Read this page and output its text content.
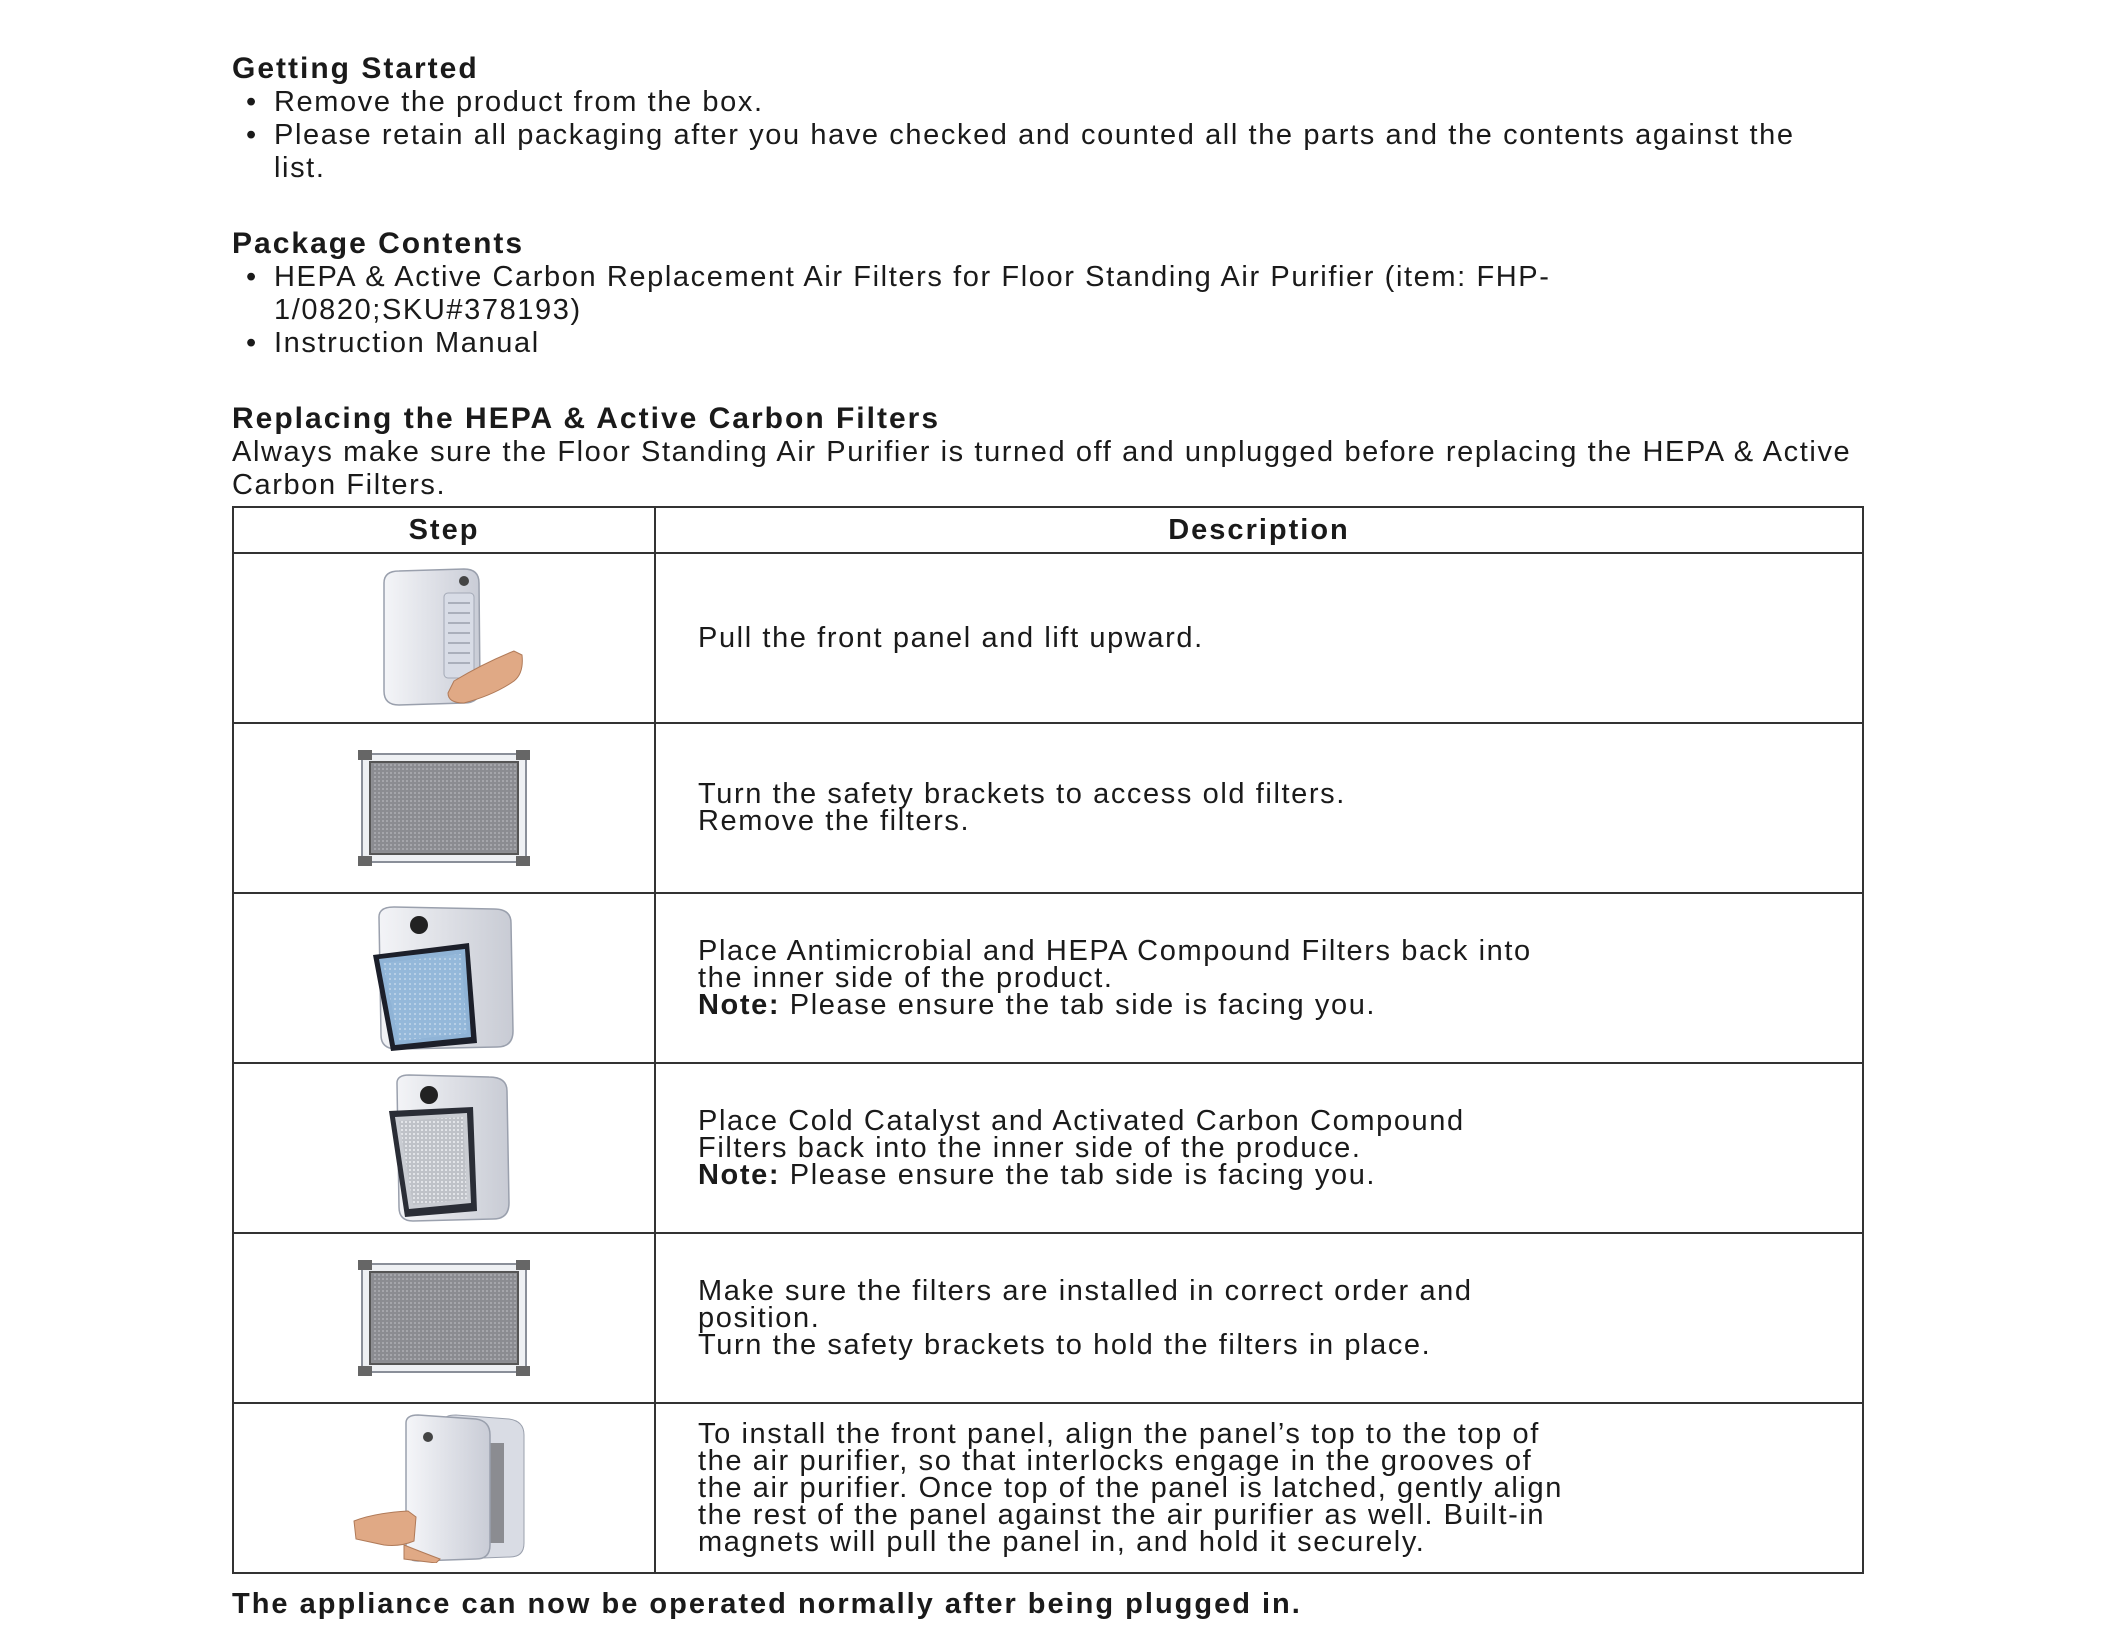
Getting Started
• Remove the product from the box.
• Please retain all packaging after you have checked and counted all the parts and the contents against the list.
Package Contents
• HEPA & Active Carbon Replacement Air Filters for Floor Standing Air Purifier (item: FHP-1/0820;SKU#378193)
• Instruction Manual
Replacing the HEPA & Active Carbon Filters

Always make sure the Floor Standing Air Purifier is turned off and unplugged before replacing the HEPA & Active Carbon Filters.

Step	Description

Pull the front panel and lift upward.

Turn the safety brackets to access old filters.
Remove the filters.

Place Antimicrobial and HEPA Compound Filters back into
the inner side of the product.
Note: Please ensure the tab side is facing you.

Place Cold Catalyst and Activated Carbon Compound
Filters back into the inner side of the produce.
Note: Please ensure the tab side is facing you.

Make sure the filters are installed in correct order and
position.
Turn the safety brackets to hold the filters in place.

To install the front panel, align the panel’s top to the top of
the air purifier, so that interlocks engage in the grooves of
the air purifier. Once top of the panel is latched, gently align
the rest of the panel against the air purifier as well. Built-in
magnets will pull the panel in, and hold it securely.
The appliance can now be operated normally after being plugged in.
